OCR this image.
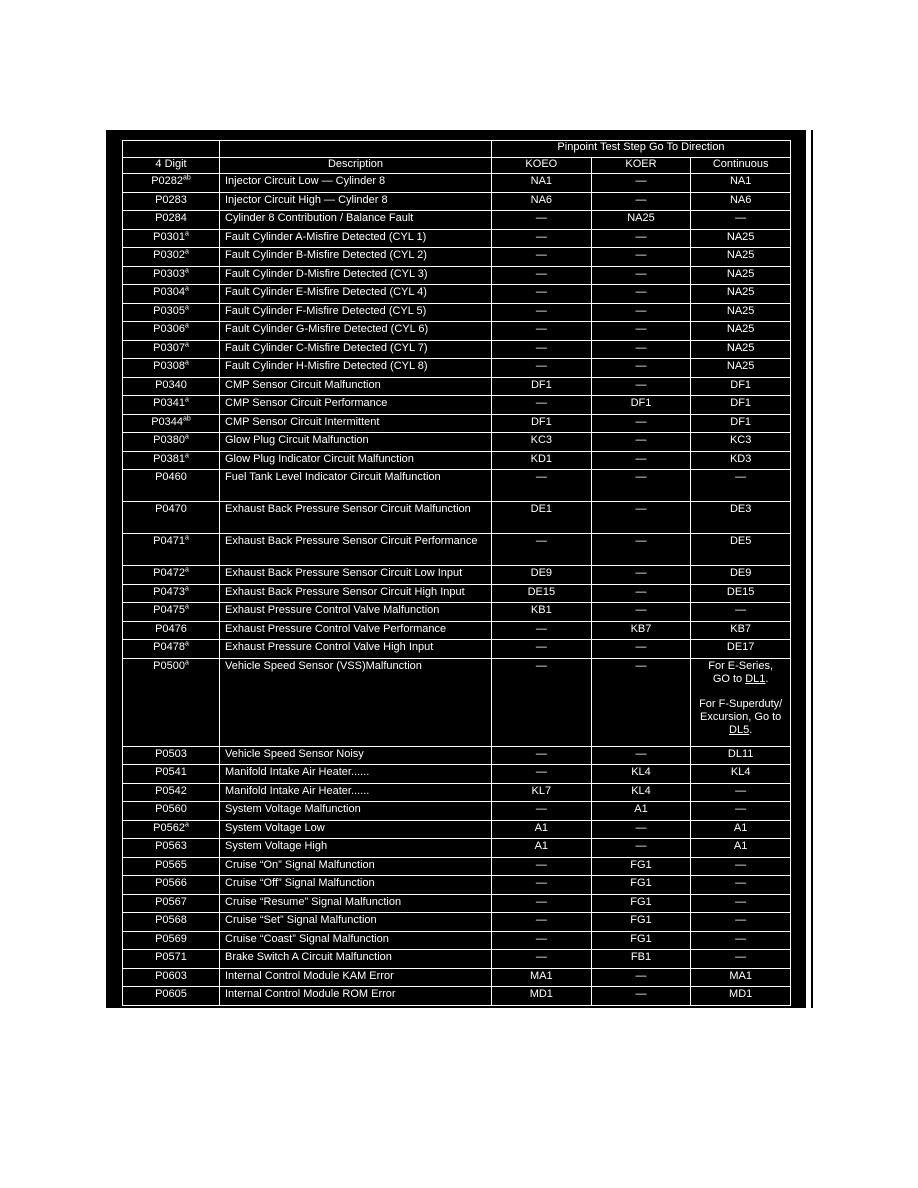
		Pinpoint Test Step Go To Direction		
4 Digit	Description	KOEO	KOER	Continuous
$P0282^{ab}$	Injector Circuit Low — Cylinder 8	NA1	—	NA1
P0283	Injector Circuit High — Cylinder 8	NA6	—	NA6
P0284	Cylinder 8 Contribution / Balance Fault	—	NA25	—
P0301$^a$	Fault Cylinder A-Misfire Detected (CYL 1)	—	—	NA25
P0302$^a$	Fault Cylinder B-Misfire Detected (CYL 2)	—	—	NA25
P0303$^a$	Fault Cylinder D-Misfire Detected (CYL 3)	—	—	NA25
P0304$^a$	Fault Cylinder E-Misfire Detected (CYL 4)	—	—	NA25
P0305$^a$	Fault Cylinder F-Misfire Detected (CYL 5)	—	—	NA25
P0306$^a$	Fault Cylinder G-Misfire Detected (CYL 6)	—	—	NA25
P0307$^a$	Fault Cylinder C-Misfire Detected (CYL 7)	—	—	NA25
P0308$^a$	Fault Cylinder H-Misfire Detected (CYL 8)	—	—	NA25
P0340	CMP Sensor Circuit Malfunction	DF1	—	DF1
P0341$^a$	CMP Sensor Circuit Performance	—	DF1	DF1
$P0344^{ab}$	CMP Sensor Circuit Intermittent	DF1	—	DF1
P0380$^a$	Glow Plug Circuit Malfunction	KC3	—	KC3
P0381$^a$	Glow Plug Indicator Circuit Malfunction	KD1	—	KD3
P0460	Fuel Tank Level Indicator Circuit Malfunction	—	—	—
P0470	Exhaust Back Pressure Sensor Circuit Malfunction	DE1	—	DE3
P0471$^a$	Exhaust Back Pressure Sensor Circuit Performance	—	—	DE5
P0472$^a$	Exhaust Back Pressure Sensor Circuit Low Input	DE9	—	DE9
P0473$^a$	Exhaust Back Pressure Sensor Circuit High Input	DE15	—	DE15
P0475$^a$	Exhaust Pressure Control Valve Malfunction	KB1	—	—
P0476	Exhaust Pressure Control Valve Performance	—	KB7	KB7
P0478$^a$	Exhaust Pressure Control Valve High Input	—	—	DE17
P0500$^a$	Vehicle Speed Sensor (VSS)Malfunction	—	—	For E-Series,
GO to DL1.
For F-Superduty/
Excursion, Go to
DL5.
P0503	Vehicle Speed Sensor Noisy	—	—	DL11
P0541	Manifold Intake Air Heater......	—	KL4	KL4
P0542	Manifold Intake Air Heater......	KL7	KL4	—
P0560	System Voltage Malfunction	—	A1	—
P0562$^a$	System Voltage Low	A1	—	A1
P0563	System Voltage High	A1	—	A1
P0565	Cruise “On” Signal Malfunction	—	FG1	—
P0566	Cruise “Off” Signal Malfunction	—	FG1	—
P0567	Cruise “Resume” Signal Malfunction	—	FG1	—
P0568	Cruise “Set” Signal Malfunction	—	FG1	—
P0569	Cruise “Coast” Signal Malfunction	—	FG1	—
P0571	Brake Switch A Circuit Malfunction	—	FB1	—
P0603	Internal Control Module KAM Error	MA1	—	MA1
P0605	Internal Control Module ROM Error	MD1	—	MD1
